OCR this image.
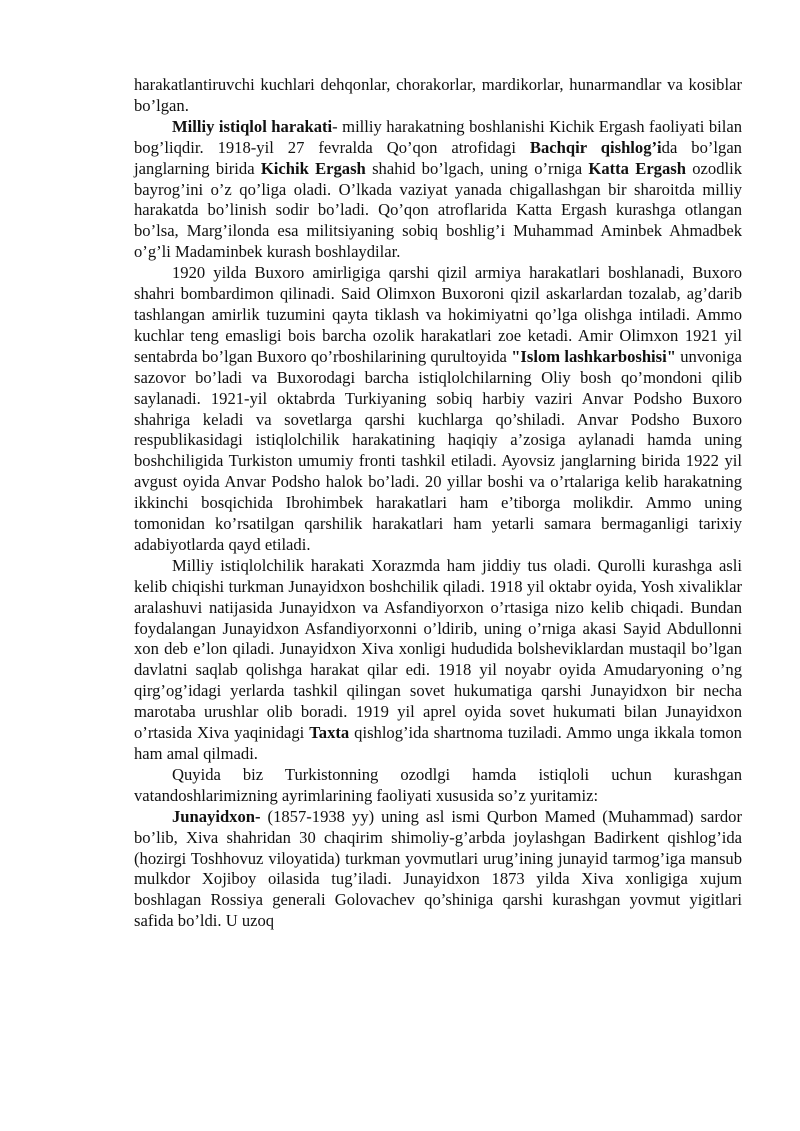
harakatlantiruvchi kuchlari dehqonlar, chorakorlar, mardikorlar, hunarmandlar va kosiblar bo’lgan.

Milliy istiqlol harakati- milliy harakatning boshlanishi Kichik Ergash faoliyati bilan bog’liqdir. 1918-yil 27 fevralda Qo’qon atrofidagi Bachqir qishlog’ida bo’lgan janglarning birida Kichik Ergash shahid bo’lgach, uning o’rniga Katta Ergash ozodlik bayrog’ini o’z qo’liga oladi. O’lkada vaziyat yanada chigallashgan bir sharoitda milliy harakatda bo’linish sodir bo’ladi. Qo’qon atroflarida Katta Ergash kurashga otlangan bo’lsa, Marg’ilonda esa militsiyaning sobiq boshlig’i Muhammad Aminbek Ahmadbek o’g’li Madaminbek kurash boshlaydilar.

1920 yilda Buxoro amirligiga qarshi qizil armiya harakatlari boshlanadi, Buxoro shahri bombardimon qilinadi. Said Olimxon Buxoroni qizil askarlardan tozalab, ag’darib tashlangan amirlik tuzumini qayta tiklash va hokimiyatni qo’lga olishga intiladi. Ammo kuchlar teng emasligi bois barcha ozolik harakatlari zoe ketadi. Amir Olimxon 1921 yil sentabrda bo’lgan Buxoro qo’rboshilarining qurultoyida "Islom lashkarboshisi" unvoniga sazovor bo’ladi va Buxorodagi barcha istiqlolchilarning Oliy bosh qo’mondoni qilib saylanadi. 1921-yil oktabrda Turkiyaning sobiq harbiy vaziri Anvar Podsho Buxoro shahriga keladi va sovetlarga qarshi kuchlarga qo’shiladi. Anvar Podsho Buxoro respublikasidagi istiqlolchilik harakatining haqiqiy a’zosiga aylanadi hamda uning boshchiligida Turkiston umumiy fronti tashkil etiladi. Ayovsiz janglarning birida 1922 yil avgust oyida Anvar Podsho halok bo’ladi. 20 yillar boshi va o’rtalariga kelib harakatning ikkinchi bosqichida Ibrohimbek harakatlari ham e’tiborga molikdir. Ammo uning tomonidan ko’rsatilgan qarshilik harakatlari ham yetarli samara bermaganligi tarixiy adabiyotlarda qayd etiladi.

Milliy istiqlolchilik harakati Xorazmda ham jiddiy tus oladi. Qurolli kurashga asli kelib chiqishi turkman Junayidxon boshchilik qiladi. 1918 yil oktabr oyida, Yosh xivaliklar aralashuvi natijasida Junayidxon va Asfandiyorxon o’rtasiga nizo kelib chiqadi. Bundan foydalangan Junayidxon Asfandiyorxonni o’ldirib, uning o’rniga akasi Sayid Abdullonni xon deb e’lon qiladi. Junayidxon Xiva xonligi hududida bolsheviklardan mustaqil bo’lgan davlatni saqlab qolishga harakat qilar edi. 1918 yil noyabr oyida Amudaryoning o’ng qirg’og’idagi yerlarda tashkil qilingan sovet hukumatiga qarshi Junayidxon bir necha marotaba urushlar olib boradi. 1919 yil aprel oyida sovet hukumati bilan Junayidxon o’rtasida Xiva yaqinidagi Taxta qishlog’ida shartnoma tuziladi. Ammo unga ikkala tomon ham amal qilmadi.

Quyida biz Turkistonning ozodlgi hamda istiqloli uchun kurashgan vatandoshlarimizning ayrimlarining faoliyati xususida so’z yuritamiz:

Junayidxon- (1857-1938 yy) uning asl ismi Qurbon Mamed (Muhammad) sardor bo’lib, Xiva shahridan 30 chaqirim shimoliy-g’arbda joylashgan Badirkent qishlog’ida (hozirgi Toshhovuz viloyatida) turkman yovmutlari urug’ining junayid tarmog’iga mansub mulkdor Xojiboy oilasida tug’iladi. Junayidxon 1873 yilda Xiva xonligiga xujum boshlagan Rossiya generali Golovachev qo’shiniga qarshi kurashgan yovmut yigitlari safida bo’ldi. U uzoq
